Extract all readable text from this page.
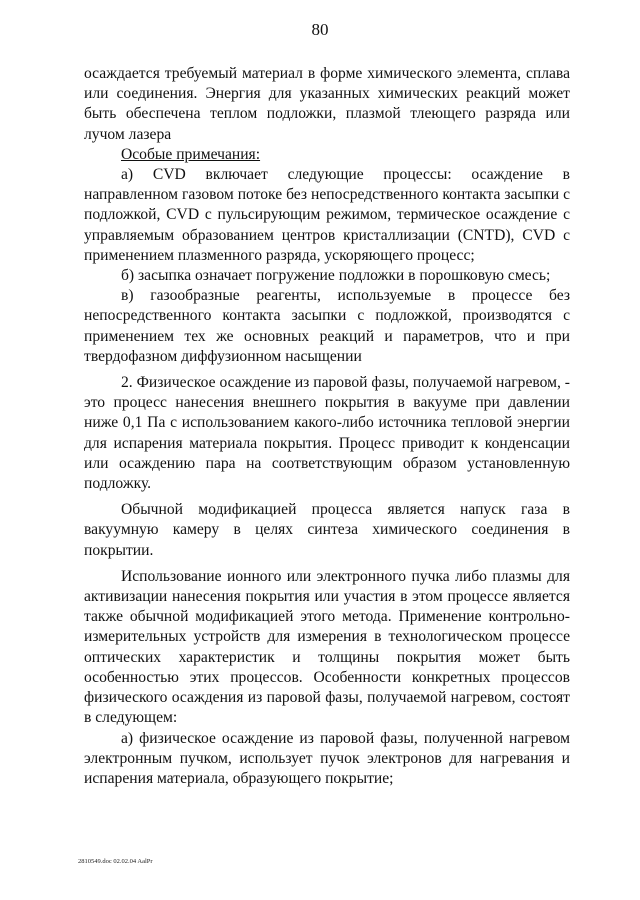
80

осаждается требуемый материал в форме химического элемента, сплава или соединения. Энергия для указанных химических реакций может быть обеспечена теплом подложки, плазмой тлеющего разряда или лучом лазера

Особые примечания:

а) CVD включает следующие процессы: осаждение в направленном газовом потоке без непосредственного контакта засыпки с подложкой, CVD с пульсирующим режимом, термическое осаждение с управляемым образованием центров кристаллизации (CNTD), CVD с применением плазменного разряда, ускоряющего процесс;

б) засыпка означает погружение подложки в порошковую смесь;

в) газообразные реагенты, используемые в процессе без непосредственного контакта засыпки с подложкой, производятся с применением тех же основных реакций и параметров, что и при твердофазном диффузионном насыщении

2. Физическое осаждение из паровой фазы, получаемой нагревом, - это процесс нанесения внешнего покрытия в вакууме при давлении ниже 0,1 Па с использованием какого-либо источника тепловой энергии для испарения материала покрытия. Процесс приводит к конденсации или осаждению пара на соответствующим образом установленную подложку.

Обычной модификацией процесса является напуск газа в вакуумную камеру в целях синтеза химического соединения в покрытии.

Использование ионного или электронного пучка либо плазмы для активизации нанесения покрытия или участия в этом процессе является также обычной модификацией этого метода. Применение контрольно-измерительных устройств для измерения в технологическом процессе оптических характеристик и толщины покрытия может быть особенностью этих процессов. Особенности конкретных процессов физического осаждения из паровой фазы, получаемой нагревом, состоят в следующем:

а) физическое осаждение из паровой фазы, полученной нагревом электронным пучком, использует пучок электронов для нагревания и испарения материала, образующего покрытие;

2810549.doc 02.02.04 AalPr
